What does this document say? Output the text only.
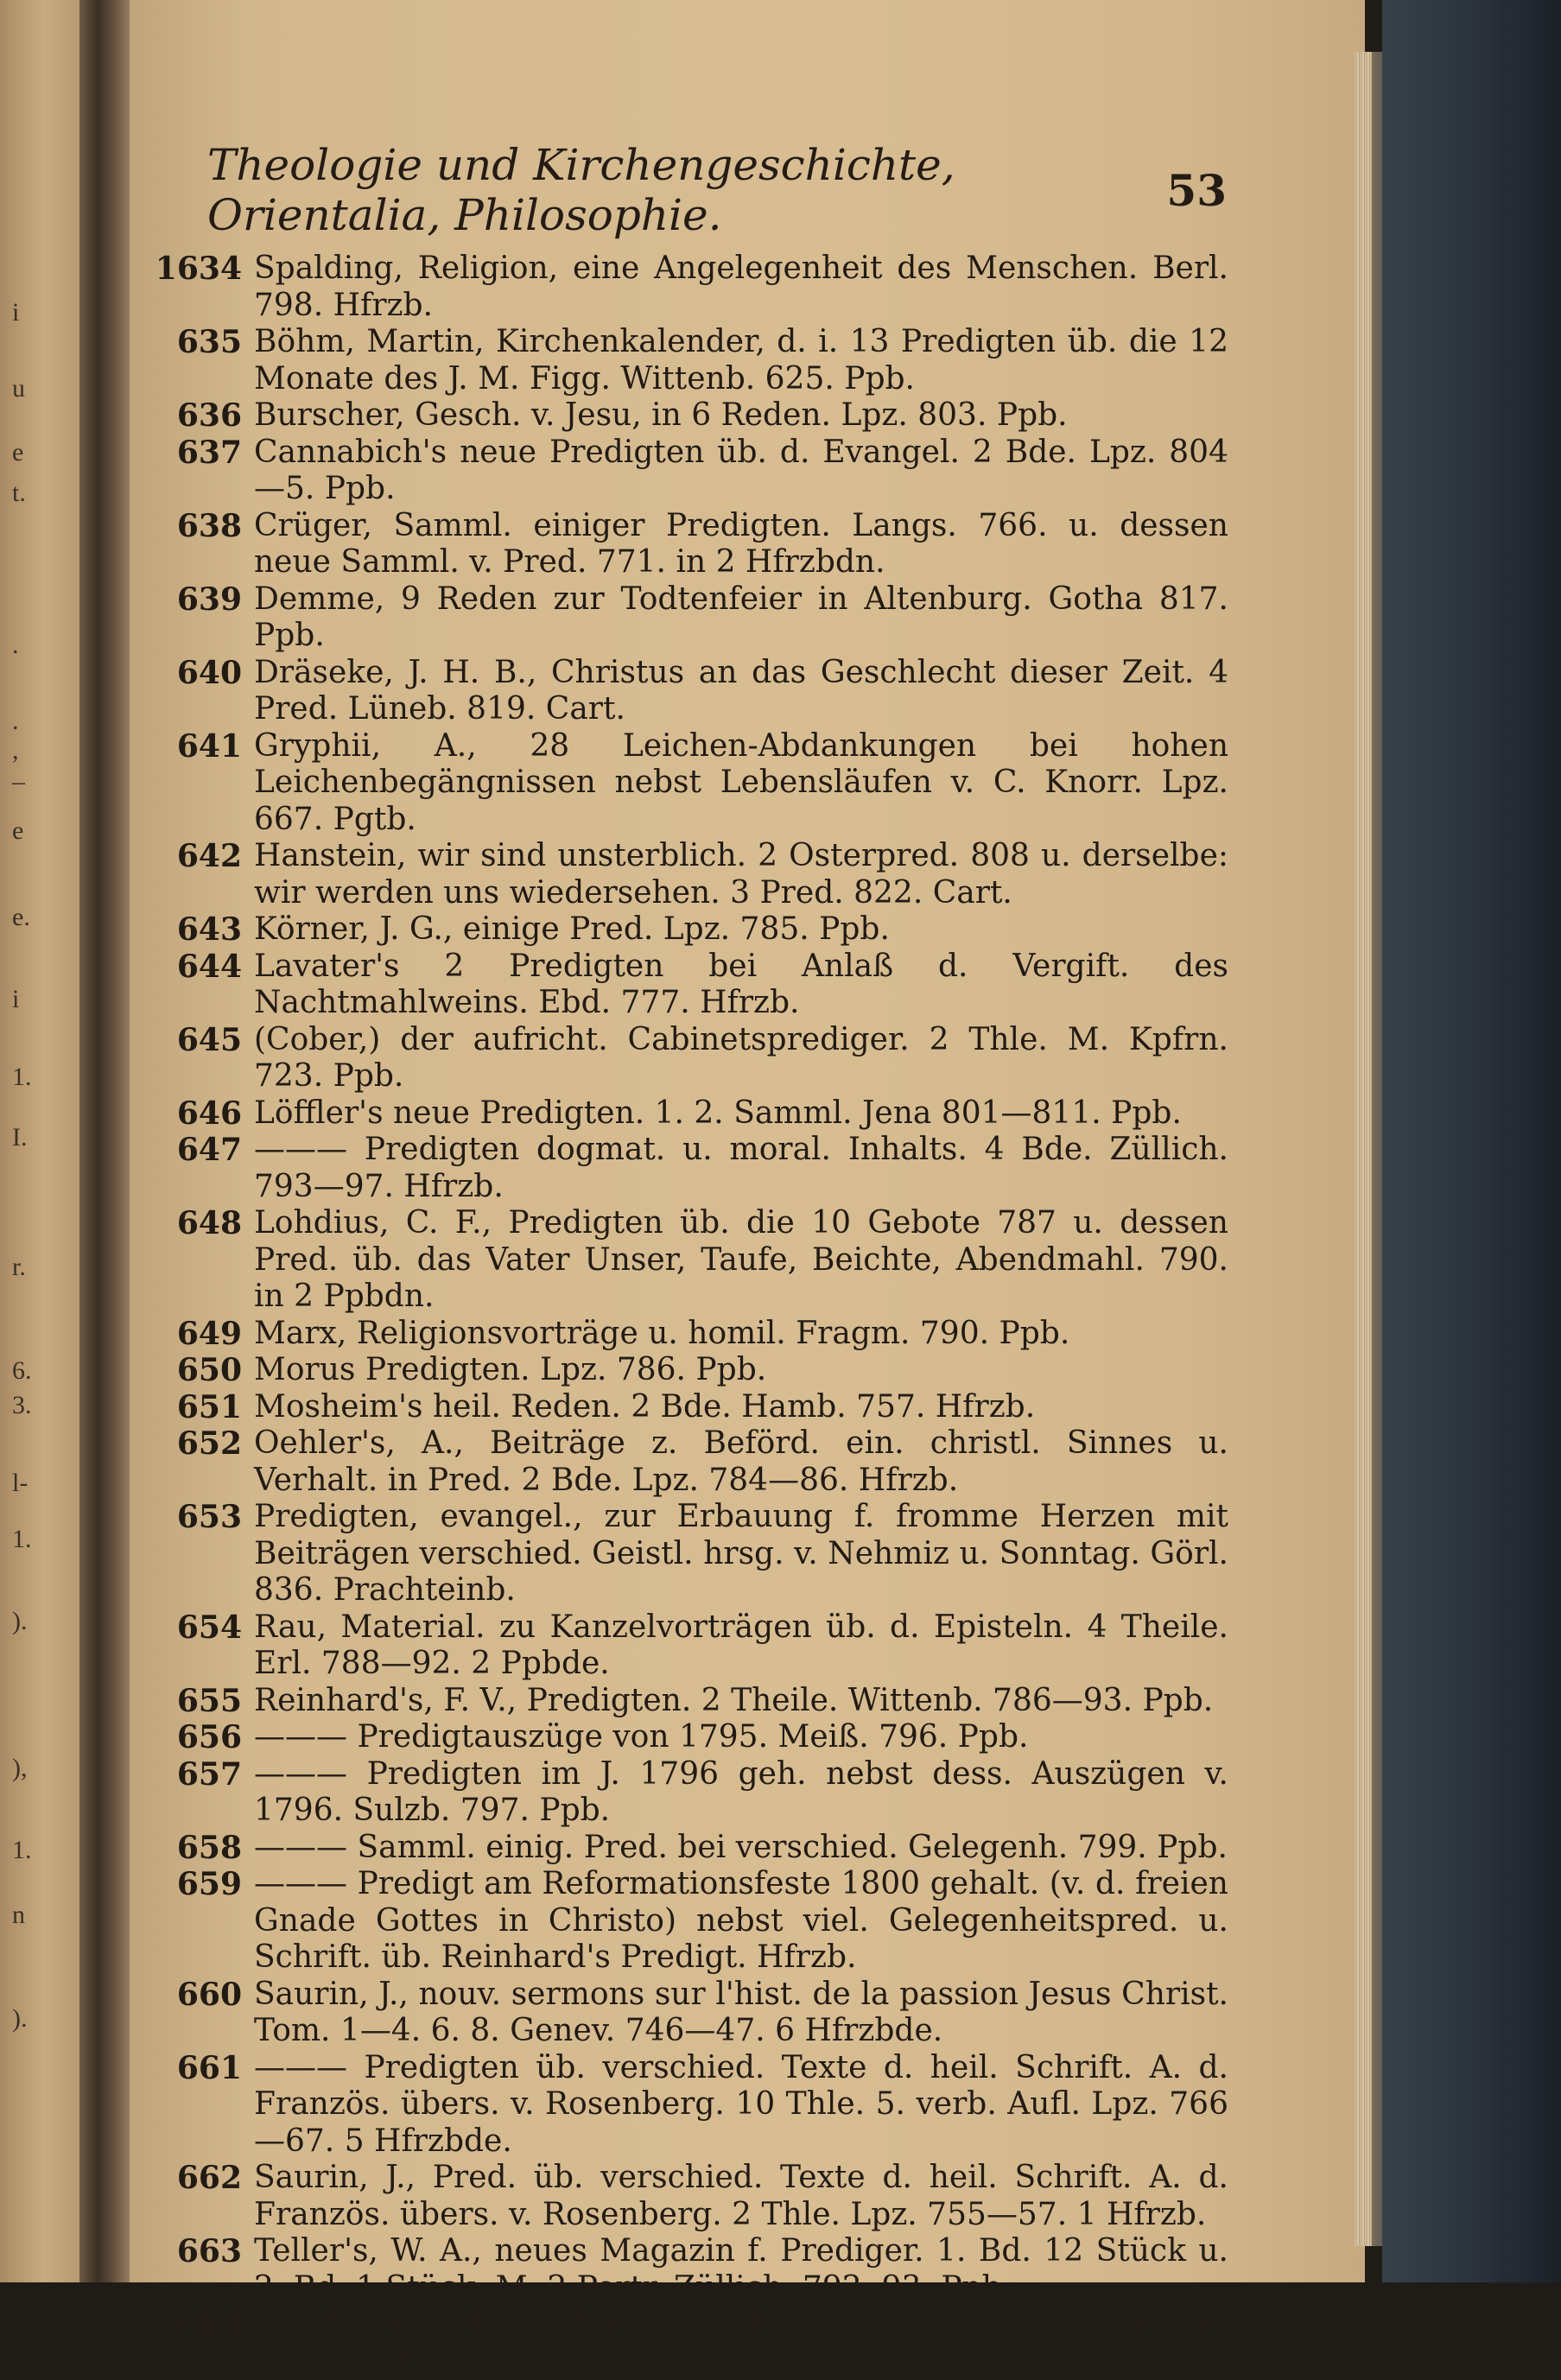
i
u
e
t.
.
.
,
–
e
e.
i
1.
I.
r.
6.
3.
l-
1.
).
),
1.
n
).
Theologie und Kirchengeschichte, Orientalia, Philosophie.	53
1634 Spalding, Religion, eine Angelegenheit des Menschen. Berl. 798. Hfrzb.
635 Böhm, Martin, Kirchenkalender, d. i. 13 Predigten üb. die 12 Monate des J. M. Figg. Wittenb. 625. Ppb.
636 Burscher, Gesch. v. Jesu, in 6 Reden. Lpz. 803. Ppb.
637 Cannabich's neue Predigten üb. d. Evangel. 2 Bde. Lpz. 804—5. Ppb.
638 Crüger, Samml. einiger Predigten. Langs. 766. u. dessen neue Samml. v. Pred. 771. in 2 Hfrzbdn.
639 Demme, 9 Reden zur Todtenfeier in Altenburg. Gotha 817. Ppb.
640 Dräseke, J. H. B., Christus an das Geschlecht dieser Zeit. 4 Pred. Lüneb. 819. Cart.
641 Gryphii, A., 28 Leichen-Abdankungen bei hohen Leichenbegängnissen nebst Lebensläufen v. C. Knorr. Lpz. 667. Pgtb.
642 Hanstein, wir sind unsterblich. 2 Osterpred. 808 u. derselbe: wir werden uns wiedersehen. 3 Pred. 822. Cart.
643 Körner, J. G., einige Pred. Lpz. 785. Ppb.
644 Lavater's 2 Predigten bei Anlaß d. Vergift. des Nachtmahlweins. Ebd. 777. Hfrzb.
645 (Cober,) der aufricht. Cabinetsprediger. 2 Thle. M. Kpfrn. 723. Ppb.
646 Löffler's neue Predigten. 1. 2. Samml. Jena 801—811. Ppb.
647 ——— Predigten dogmat. u. moral. Inhalts. 4 Bde. Züllich. 793—97. Hfrzb.
648 Lohdius, C. F., Predigten üb. die 10 Gebote 787 u. dessen Pred. üb. das Vater Unser, Taufe, Beichte, Abendmahl. 790. in 2 Ppbdn.
649 Marx, Religionsvorträge u. homil. Fragm. 790. Ppb.
650 Morus Predigten. Lpz. 786. Ppb.
651 Mosheim's heil. Reden. 2 Bde. Hamb. 757. Hfrzb.
652 Oehler's, A., Beiträge z. Beförd. ein. christl. Sinnes u. Verhalt. in Pred. 2 Bde. Lpz. 784—86. Hfrzb.
653 Predigten, evangel., zur Erbauung f. fromme Herzen mit Beiträgen verschied. Geistl. hrsg. v. Nehmiz u. Sonntag. Görl. 836. Prachteinb.
654 Rau, Material. zu Kanzelvorträgen üb. d. Episteln. 4 Theile. Erl. 788—92. 2 Ppbde.
655 Reinhard's, F. V., Predigten. 2 Theile. Wittenb. 786—93. Ppb.
656 ——— Predigtauszüge von 1795. Meiß. 796. Ppb.
657 ——— Predigten im J. 1796 geh. nebst dess. Auszügen v. 1796. Sulzb. 797. Ppb.
658 ——— Samml. einig. Pred. bei verschied. Gelegenh. 799. Ppb.
659 ——— Predigt am Reformationsfeste 1800 gehalt. (v. d. freien Gnade Gottes in Christo) nebst viel. Gelegenheitspred. u. Schrift. üb. Reinhard's Predigt. Hfrzb.
660 Saurin, J., nouv. sermons sur l'hist. de la passion Jesus Christ. Tom. 1—4. 6. 8. Genev. 746—47. 6 Hfrzbde.
661 ——— Predigten üb. verschied. Texte d. heil. Schrift. A. d. Französ. übers. v. Rosenberg. 10 Thle. 5. verb. Aufl. Lpz. 766—67. 5 Hfrzbde.
662 Saurin, J., Pred. üb. verschied. Texte d. heil. Schrift. A. d. Französ. übers. v. Rosenberg. 2 Thle. Lpz. 755—57. 1 Hfrzb.
663 Teller's, W. A., neues Magazin f. Prediger. 1. Bd. 12 Stück u. 2. Bd. 1 Stück. M. 2 Portr. Züllich. 792. 93. Ppb.
664 Tzschirner's, H. G., Predigten, hrsg. v. J. D. Goldhorn. 4 Bde. 2. verm. Aufl. Lpz. 829. 2 Hfrzbde.
